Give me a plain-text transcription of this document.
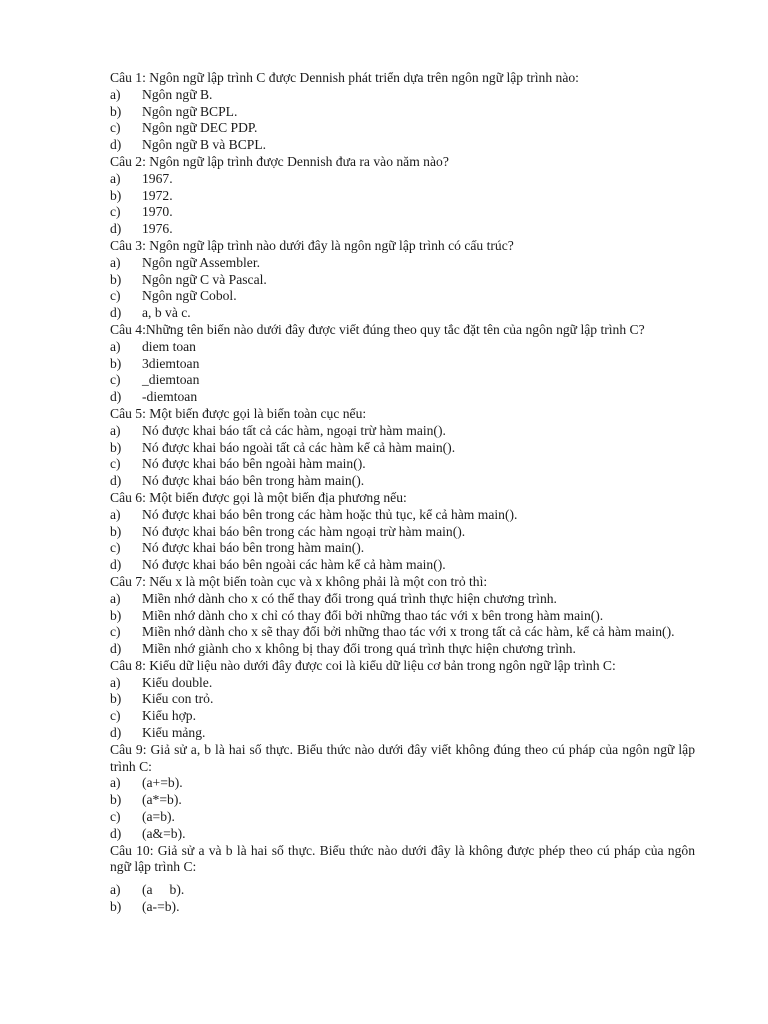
Câu 1: Ngôn ngữ lập trình C được Dennish phát triển dựa trên ngôn ngữ lập trình nào:

a)	Ngôn ngữ B.
b)	Ngôn ngữ BCPL.
c)	Ngôn ngữ DEC PDP.
d)	Ngôn ngữ B và BCPL.

Câu 2: Ngôn ngữ lập trình được Dennish đưa ra vào năm nào?

a)	1967.
b)	1972.
c)	1970.
d)	1976.

Câu 3: Ngôn ngữ lập trình nào dưới đây là ngôn ngữ lập trình có cấu trúc?

a)	Ngôn ngữ Assembler.
b)	Ngôn ngữ C và Pascal.
c)	Ngôn ngữ Cobol.
d)	a, b và c.

Câu 4:Những tên biến nào dưới đây được viết đúng theo quy tắc đặt tên của ngôn ngữ lập trình C?

a)	diem toan
b)	3diemtoan
c)	_diemtoan
d)	-diemtoan

Câu 5: Một biến được gọi là biến toàn cục nếu:

a)	Nó được khai báo tất cả các hàm, ngoại trừ hàm main().
b)	Nó được khai báo ngoài tất cả các hàm kể cả hàm main().
c)	Nó được khai báo bên ngoài hàm main().
d)	Nó được khai báo bên trong hàm main().

Câu 6: Một biến được gọi là một biến địa phương nếu:

a)	Nó được khai báo bên trong các hàm hoặc thủ tục, kể cả hàm main().
b)	Nó được khai báo bên trong các hàm ngoại trừ hàm main().
c)	Nó được khai báo bên trong hàm main().
d)	Nó được khai báo bên ngoài các hàm kể cả hàm main().

Câu 7: Nếu x là một biến toàn cục và x không phải là một con trỏ thì:

a)	Miền nhớ dành cho x có thể thay đổi trong quá trình thực hiện chương trình.
b)	Miền nhớ dành cho x chỉ có thay đổi bởi những thao tác với x bên trong hàm main().
c)	Miền nhớ dành cho x sẽ thay đổi bởi những thao tác với x trong tất cả các hàm, kể cả hàm main().
d)	Miền nhớ giành cho x không bị thay đổi trong quá trình thực hiện chương trình.

Câu 8: Kiểu dữ liệu nào dưới đây được coi là kiểu dữ liệu cơ bản trong ngôn ngữ lập trình C:

a)	Kiểu double.
b)	Kiểu con trỏ.
c)	Kiểu hợp.
d)	Kiểu mảng.

Câu 9: Giả sử a, b là hai số thực. Biểu thức nào dưới đây viết không đúng theo cú pháp của ngôn ngữ lập trình C:

a)	(a+=b).
b)	(a*=b).
c)	(a=b).
d)	(a&=b).

Câu 10: Giả sử a và b là hai số thực. Biểu thức nào dưới đây là không được phép theo cú pháp của ngôn ngữ lập trình C:

a)	(a     b).
b)	(a-=b).
